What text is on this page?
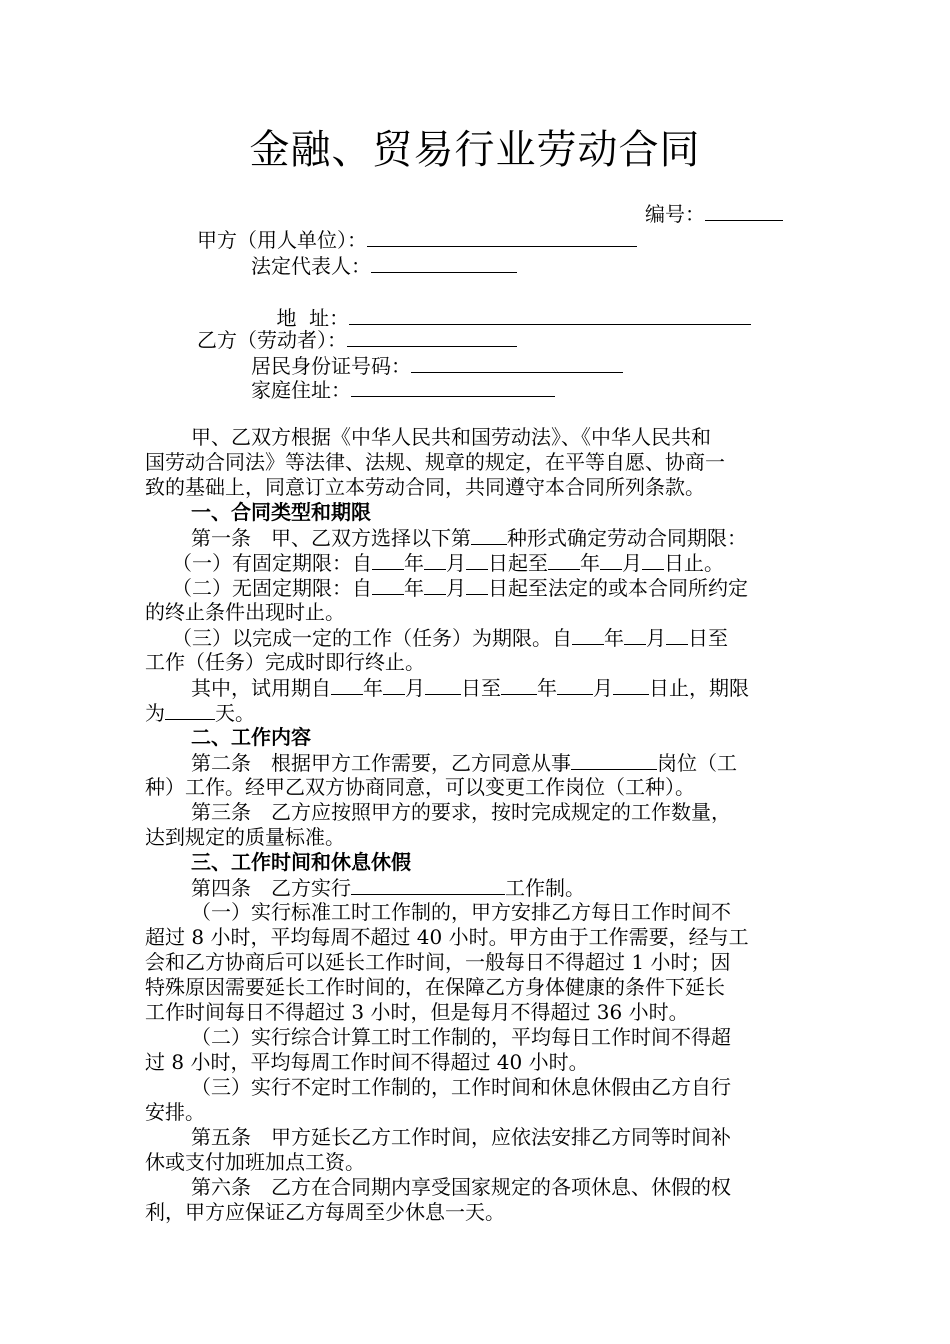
金融、贸易行业劳动合同
编号：
甲方（用人单位）：
法定代表人：

地  址：

乙方（劳动者）：
居民身份证号码：
家庭住址：
甲、乙双方根据《中华人民共和国劳动法》、《中华人民共和
国劳动合同法》等法律、法规、规章的规定，在平等自愿、协商一
致的基础上，同意订立本劳动合同，共同遵守本合同所列条款。
一、合同类型和期限
第一条　甲、乙双方选择以下第 种形式确定劳动合同期限：
（一）有固定期限：自 年 月 日起至 年 月 日止。
（二）无固定期限：自 年 月 日起至法定的或本合同所约定
的终止条件出现时止。
（三）以完成一定的工作（任务）为期限。自 年 月 日至
工作（任务）完成时即行终止。
其中，试用期自 年 月 日至 年 月 日止，期限
为	天。
二、工作内容
第二条　根据甲方工作需要，乙方同意从事	岗位（工
种）工作。经甲乙双方协商同意，可以变更工作岗位（工种）。
第三条　乙方应按照甲方的要求，按时完成规定的工作数量，
达到规定的质量标准。
三、工作时间和休息休假
第四条　乙方实行	工作制。
（一）实行标准工时工作制的，甲方安排乙方每日工作时间不
超过 8 小时，平均每周不超过 40 小时。甲方由于工作需要，经与工
会和乙方协商后可以延长工作时间，一般每日不得超过 1 小时；因
特殊原因需要延长工作时间的，在保障乙方身体健康的条件下延长
工作时间每日不得超过 3 小时，但是每月不得超过 36 小时。
（二）实行综合计算工时工作制的，平均每日工作时间不得超
过 8 小时，平均每周工作时间不得超过 40 小时。
（三）实行不定时工作制的，工作时间和休息休假由乙方自行
安排。
第五条　甲方延长乙方工作时间，应依法安排乙方同等时间补
休或支付加班加点工资。
第六条　乙方在合同期内享受国家规定的各项休息、休假的权
利，甲方应保证乙方每周至少休息一天。
